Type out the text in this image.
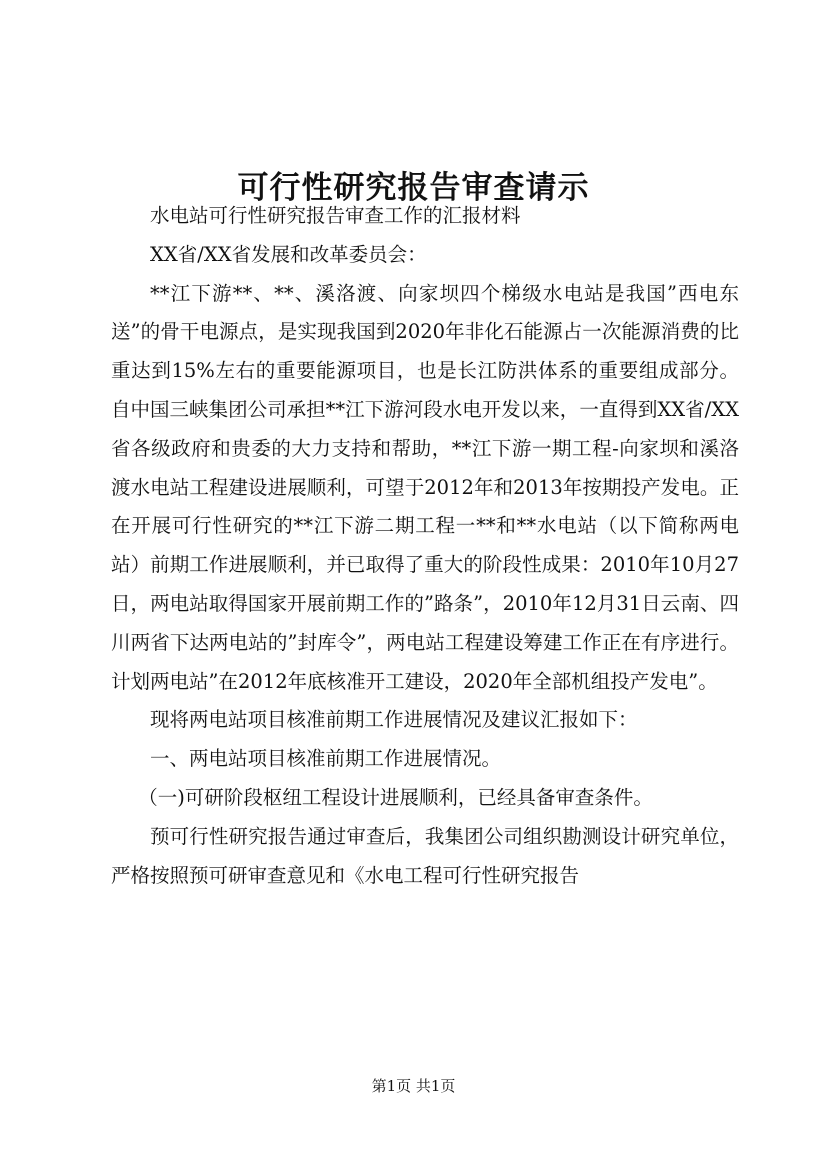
可行性研究报告审查请示

水电站可行性研究报告审查工作的汇报材料

XX省/XX省发展和改革委员会：

**江下游**、**、溪洛渡、向家坝四个梯级水电站是我国”西电东送”的骨干电源点，是实现我国到2020年非化石能源占一次能源消费的比重达到15%左右的重要能源项目，也是长江防洪体系的重要组成部分。自中国三峡集团公司承担**江下游河段水电开发以来，一直得到XX省/XX省各级政府和贵委的大力支持和帮助，**江下游一期工程-向家坝和溪洛渡水电站工程建设进展顺利，可望于2012年和2013年按期投产发电。正在开展可行性研究的**江下游二期工程一**和**水电站（以下简称两电站）前期工作进展顺利，并已取得了重大的阶段性成果：2010年10月27日，两电站取得国家开展前期工作的”路条”，2010年12月31日云南、四川两省下达两电站的”封库令”，两电站工程建设筹建工作正在有序进行。计划两电站”在2012年底核准开工建设，2020年全部机组投产发电”。

现将两电站项目核准前期工作进展情况及建议汇报如下：

一、两电站项目核准前期工作进展情况。

（一)可研阶段枢纽工程设计进展顺利，已经具备审查条件。

预可行性研究报告通过审查后，我集团公司组织勘测设计研究单位，严格按照预可研审查意见和《水电工程可行性研究报告

第1页 共1页
